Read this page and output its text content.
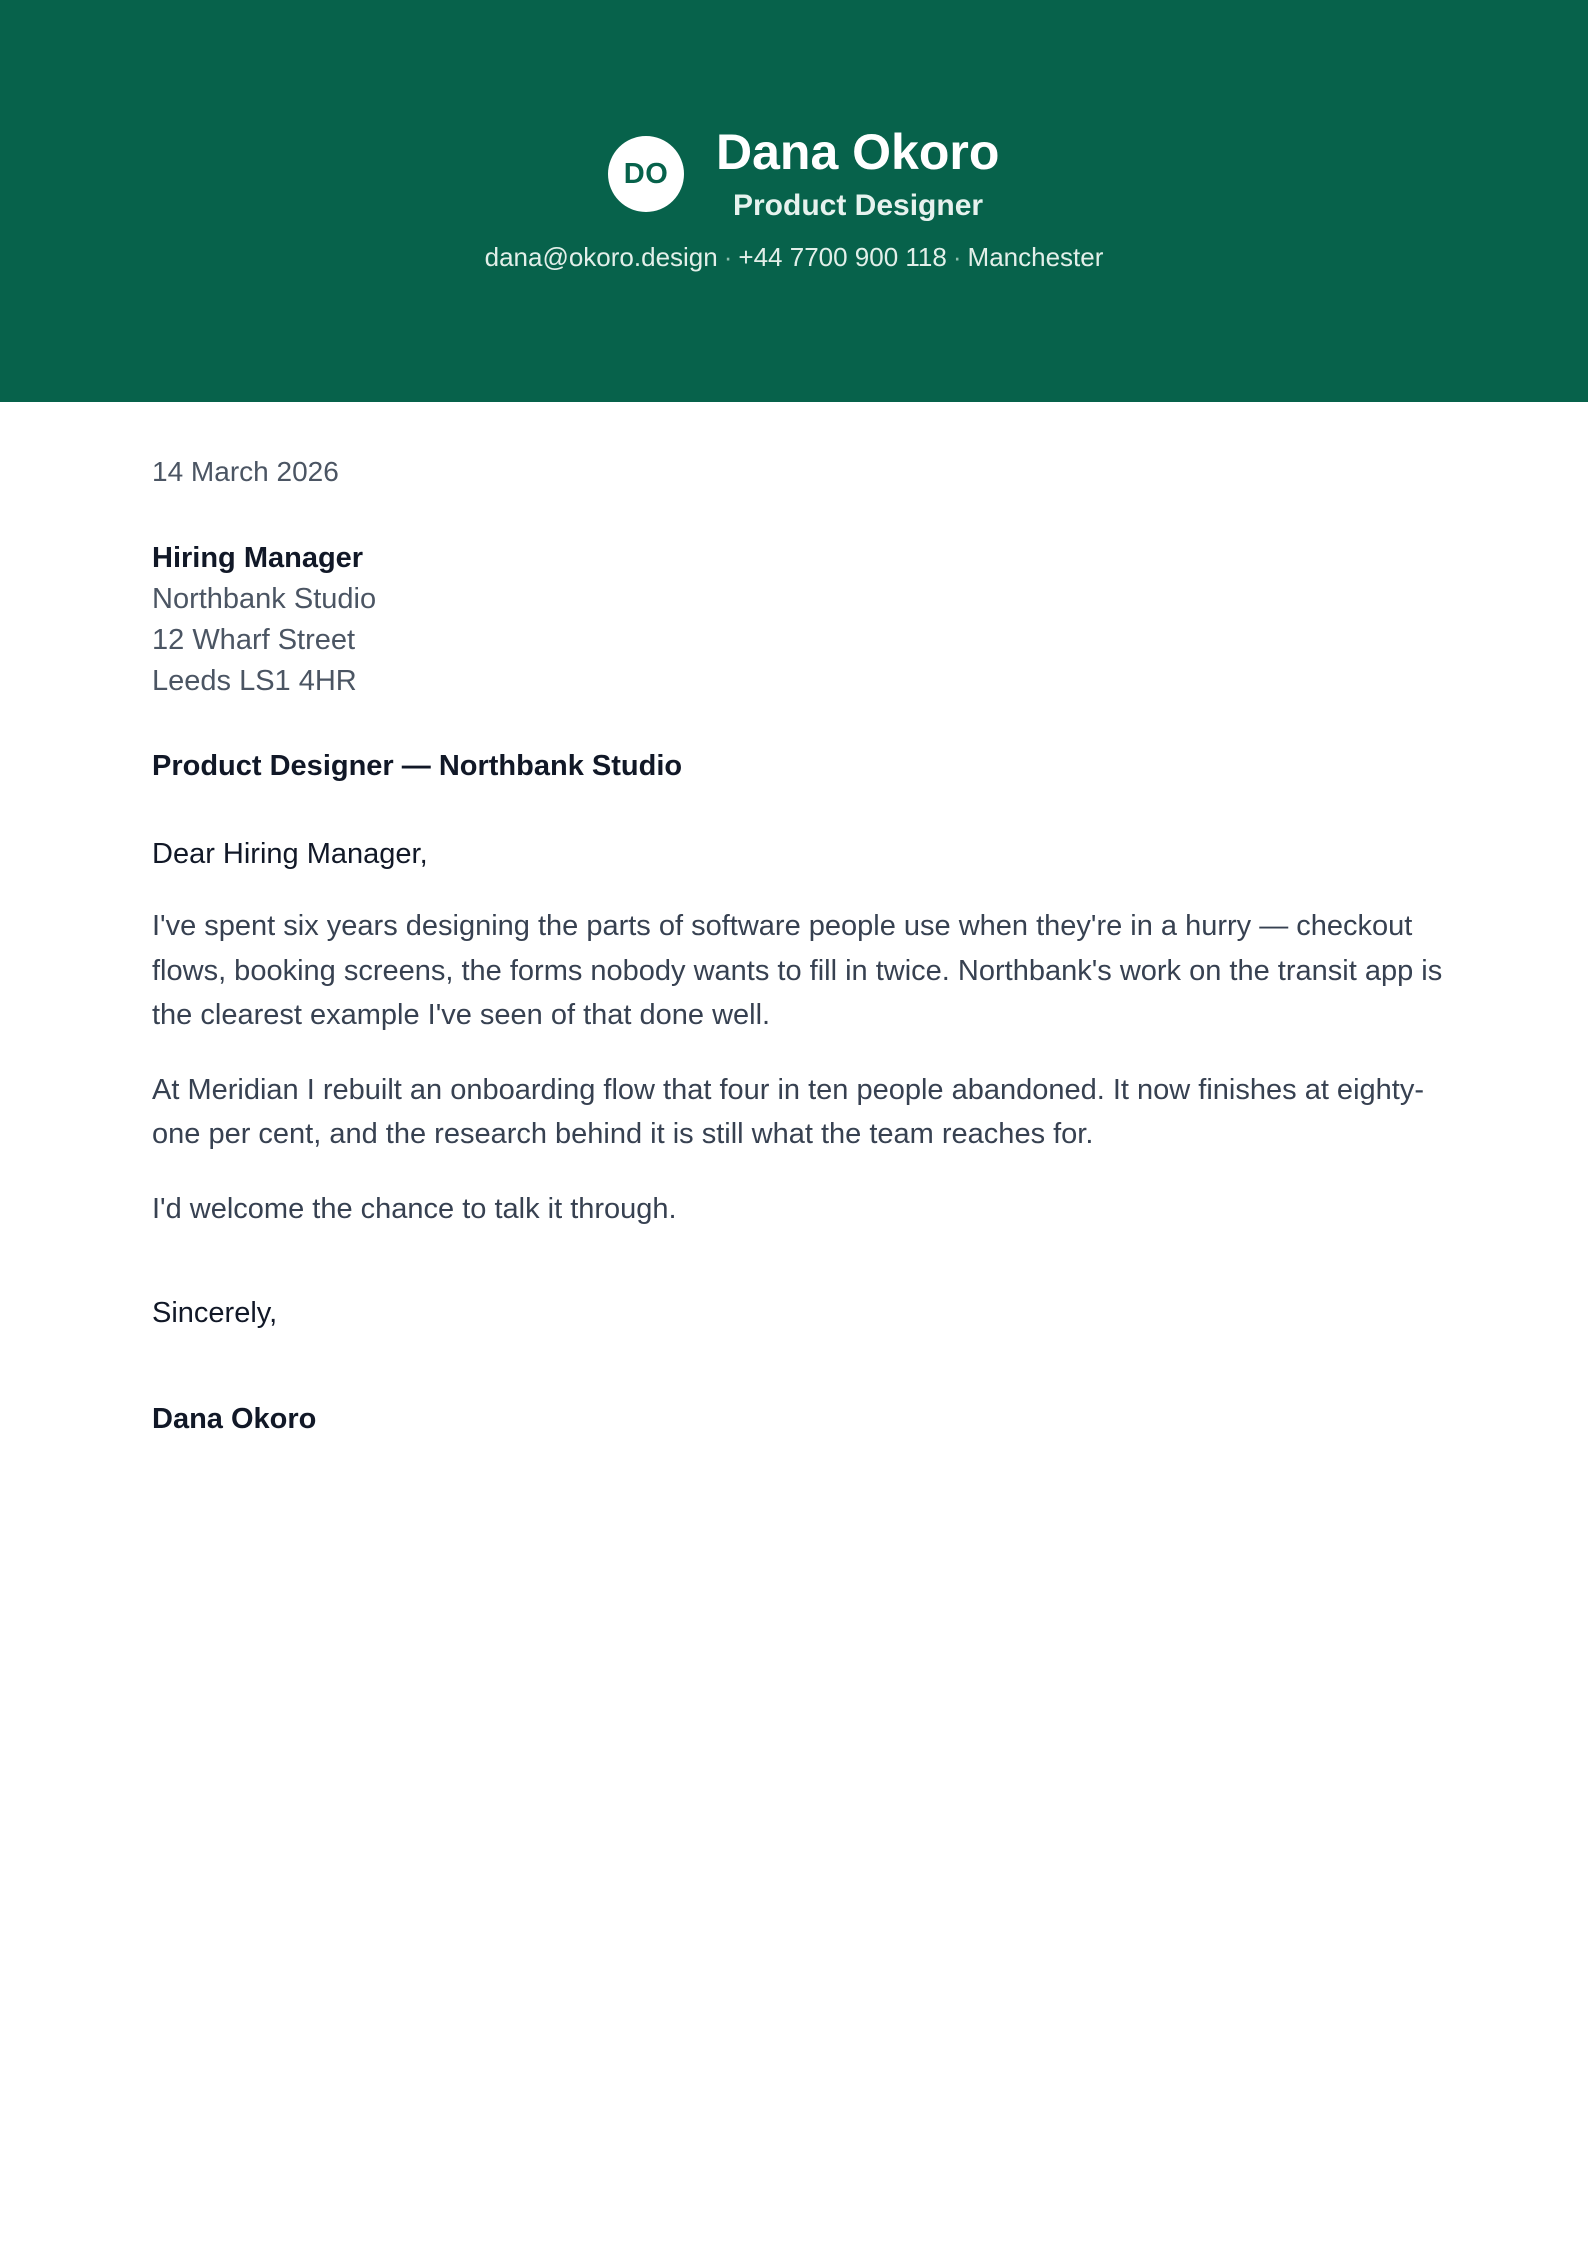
DO Dana Okoro
Product Designer
dana@okoro.design · +44 7700 900 118 · Manchester
14 March 2026
Hiring Manager
Northbank Studio
12 Wharf Street
Leeds LS1 4HR
Product Designer — Northbank Studio
Dear Hiring Manager,

I've spent six years designing the parts of software people use when they're in a hurry — checkout flows, booking screens, the forms nobody wants to fill in twice. Northbank's work on the transit app is the clearest example I've seen of that done well.

At Meridian I rebuilt an onboarding flow that four in ten people abandoned. It now finishes at eighty-one per cent, and the research behind it is still what the team reaches for.

I'd welcome the chance to talk it through.

Sincerely,
Dana Okoro
